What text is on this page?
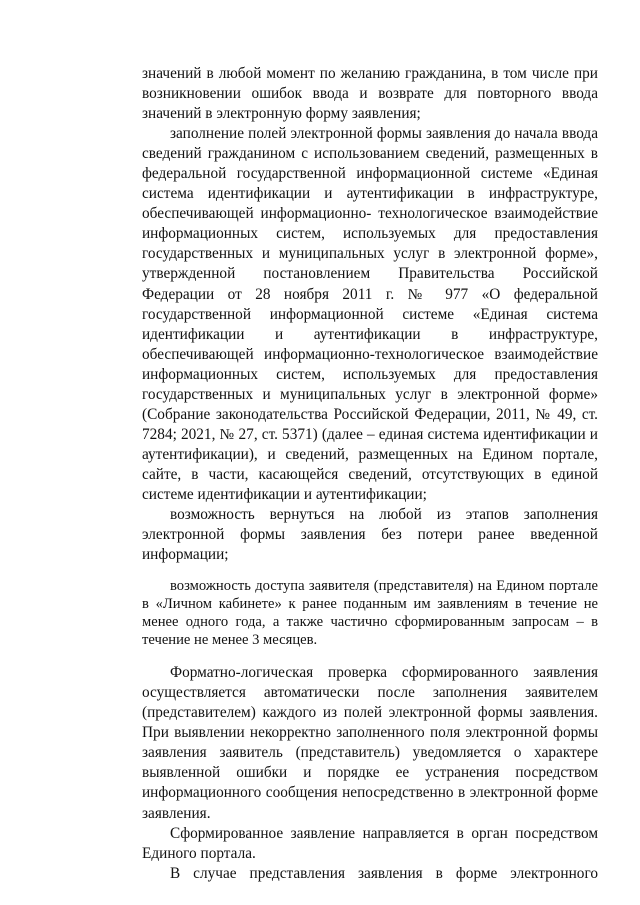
значений в любой момент по желанию гражданина, в том числе при возникновении ошибок ввода и возврате для повторного ввода значений в электронную форму заявления;

заполнение полей электронной формы заявления до начала ввода сведений гражданином с использованием сведений, размещенных в федеральной государственной информационной системе «Единая система идентификации и аутентификации в инфраструктуре, обеспечивающей информационно- технологическое взаимодействие информационных систем, используемых для предоставления государственных и муниципальных услуг в электронной форме», утвержденной постановлением Правительства Российской Федерации от 28 ноября 2011 г. № 977 «О федеральной государственной информационной системе «Единая система идентификации и аутентификации в инфраструктуре, обеспечивающей информационно-технологическое взаимодействие информационных систем, используемых для предоставления государственных и муниципальных услуг в электронной форме» (Собрание законодательства Российской Федерации, 2011, № 49, ст. 7284; 2021, № 27, ст. 5371) (далее – единая система идентификации и аутентификации), и сведений, размещенных на Едином портале, сайте, в части, касающейся сведений, отсутствующих в единой системе идентификации и аутентификации;

возможность вернуться на любой из этапов заполнения электронной формы заявления без потери ранее введенной информации;

возможность доступа заявителя (представителя) на Едином портале в «Личном кабинете» к ранее поданным им заявлениям в течение не менее одного года, а также частично сформированным запросам – в течение не менее 3 месяцев.

Форматно-логическая проверка сформированного заявления осуществляется автоматически после заполнения заявителем (представителем) каждого из полей электронной формы заявления. При выявлении некорректно заполненного поля электронной формы заявления заявитель (представитель) уведомляется о характере выявленной ошибки и порядке ее устранения посредством информационного сообщения непосредственно в электронной форме заявления.

Сформированное заявление направляется в орган посредством Единого портала.

В случае представления заявления в форме электронного
